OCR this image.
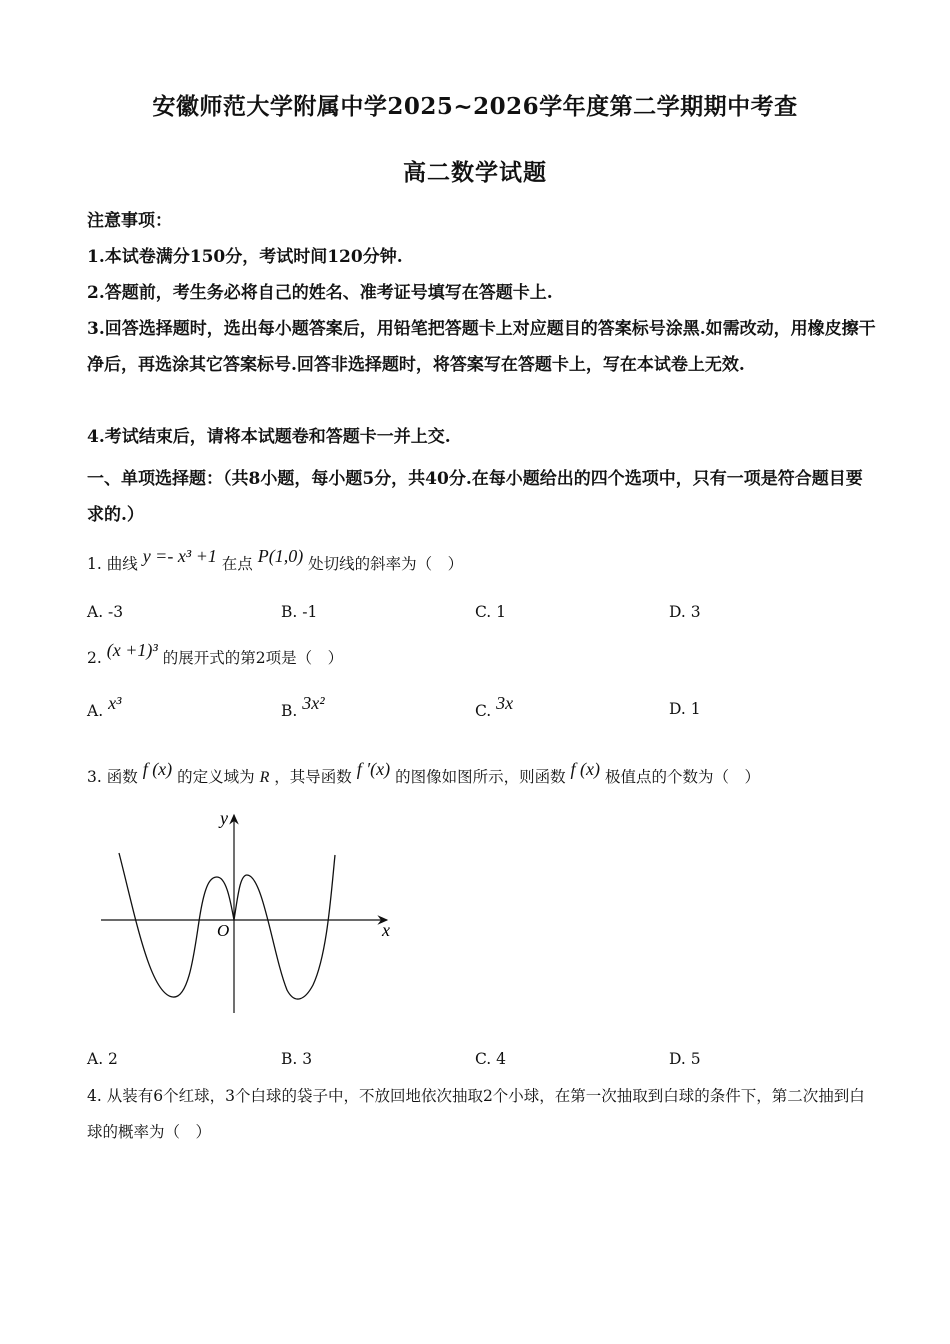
安徽师范大学附属中学2025~2026学年度第二学期期中考查
高二数学试题
注意事项：
1.本试卷满分150分，考试时间120分钟.
2.答题前，考生务必将自己的姓名、准考证号填写在答题卡上.
3.回答选择题时，选出每小题答案后，用铅笔把答题卡上对应题目的答案标号涂黑.如需改动，用橡皮擦干净后，再选涂其它答案标号.回答非选择题时，将答案写在答题卡上，写在本试卷上无效.
4.考试结束后，请将本试题卷和答题卡一并上交.
一、单项选择题：（共8小题，每小题5分，共40分.在每小题给出的四个选项中，只有一项是符合题目要求的.）
1. 曲线 y =- x³ +1 在点 P(1,0) 处切线的斜率为（　）
A. -3	B. -1	C. 1	D. 3
2. (x +1)³ 的展开式的第2项是（　）
A. x³	B. 3x²	C. 3x	D. 1
3. 函数 f (x) 的定义域为 R ，其导函数 f ′(x) 的图像如图所示，则函数 f (x) 极值点的个数为（　）
y
x
O
A. 2	B. 3	C. 4	D. 5
4. 从装有6个红球，3个白球的袋子中，不放回地依次抽取2个小球，在第一次抽取到白球的条件下，第二次抽到白球的概率为（　）
